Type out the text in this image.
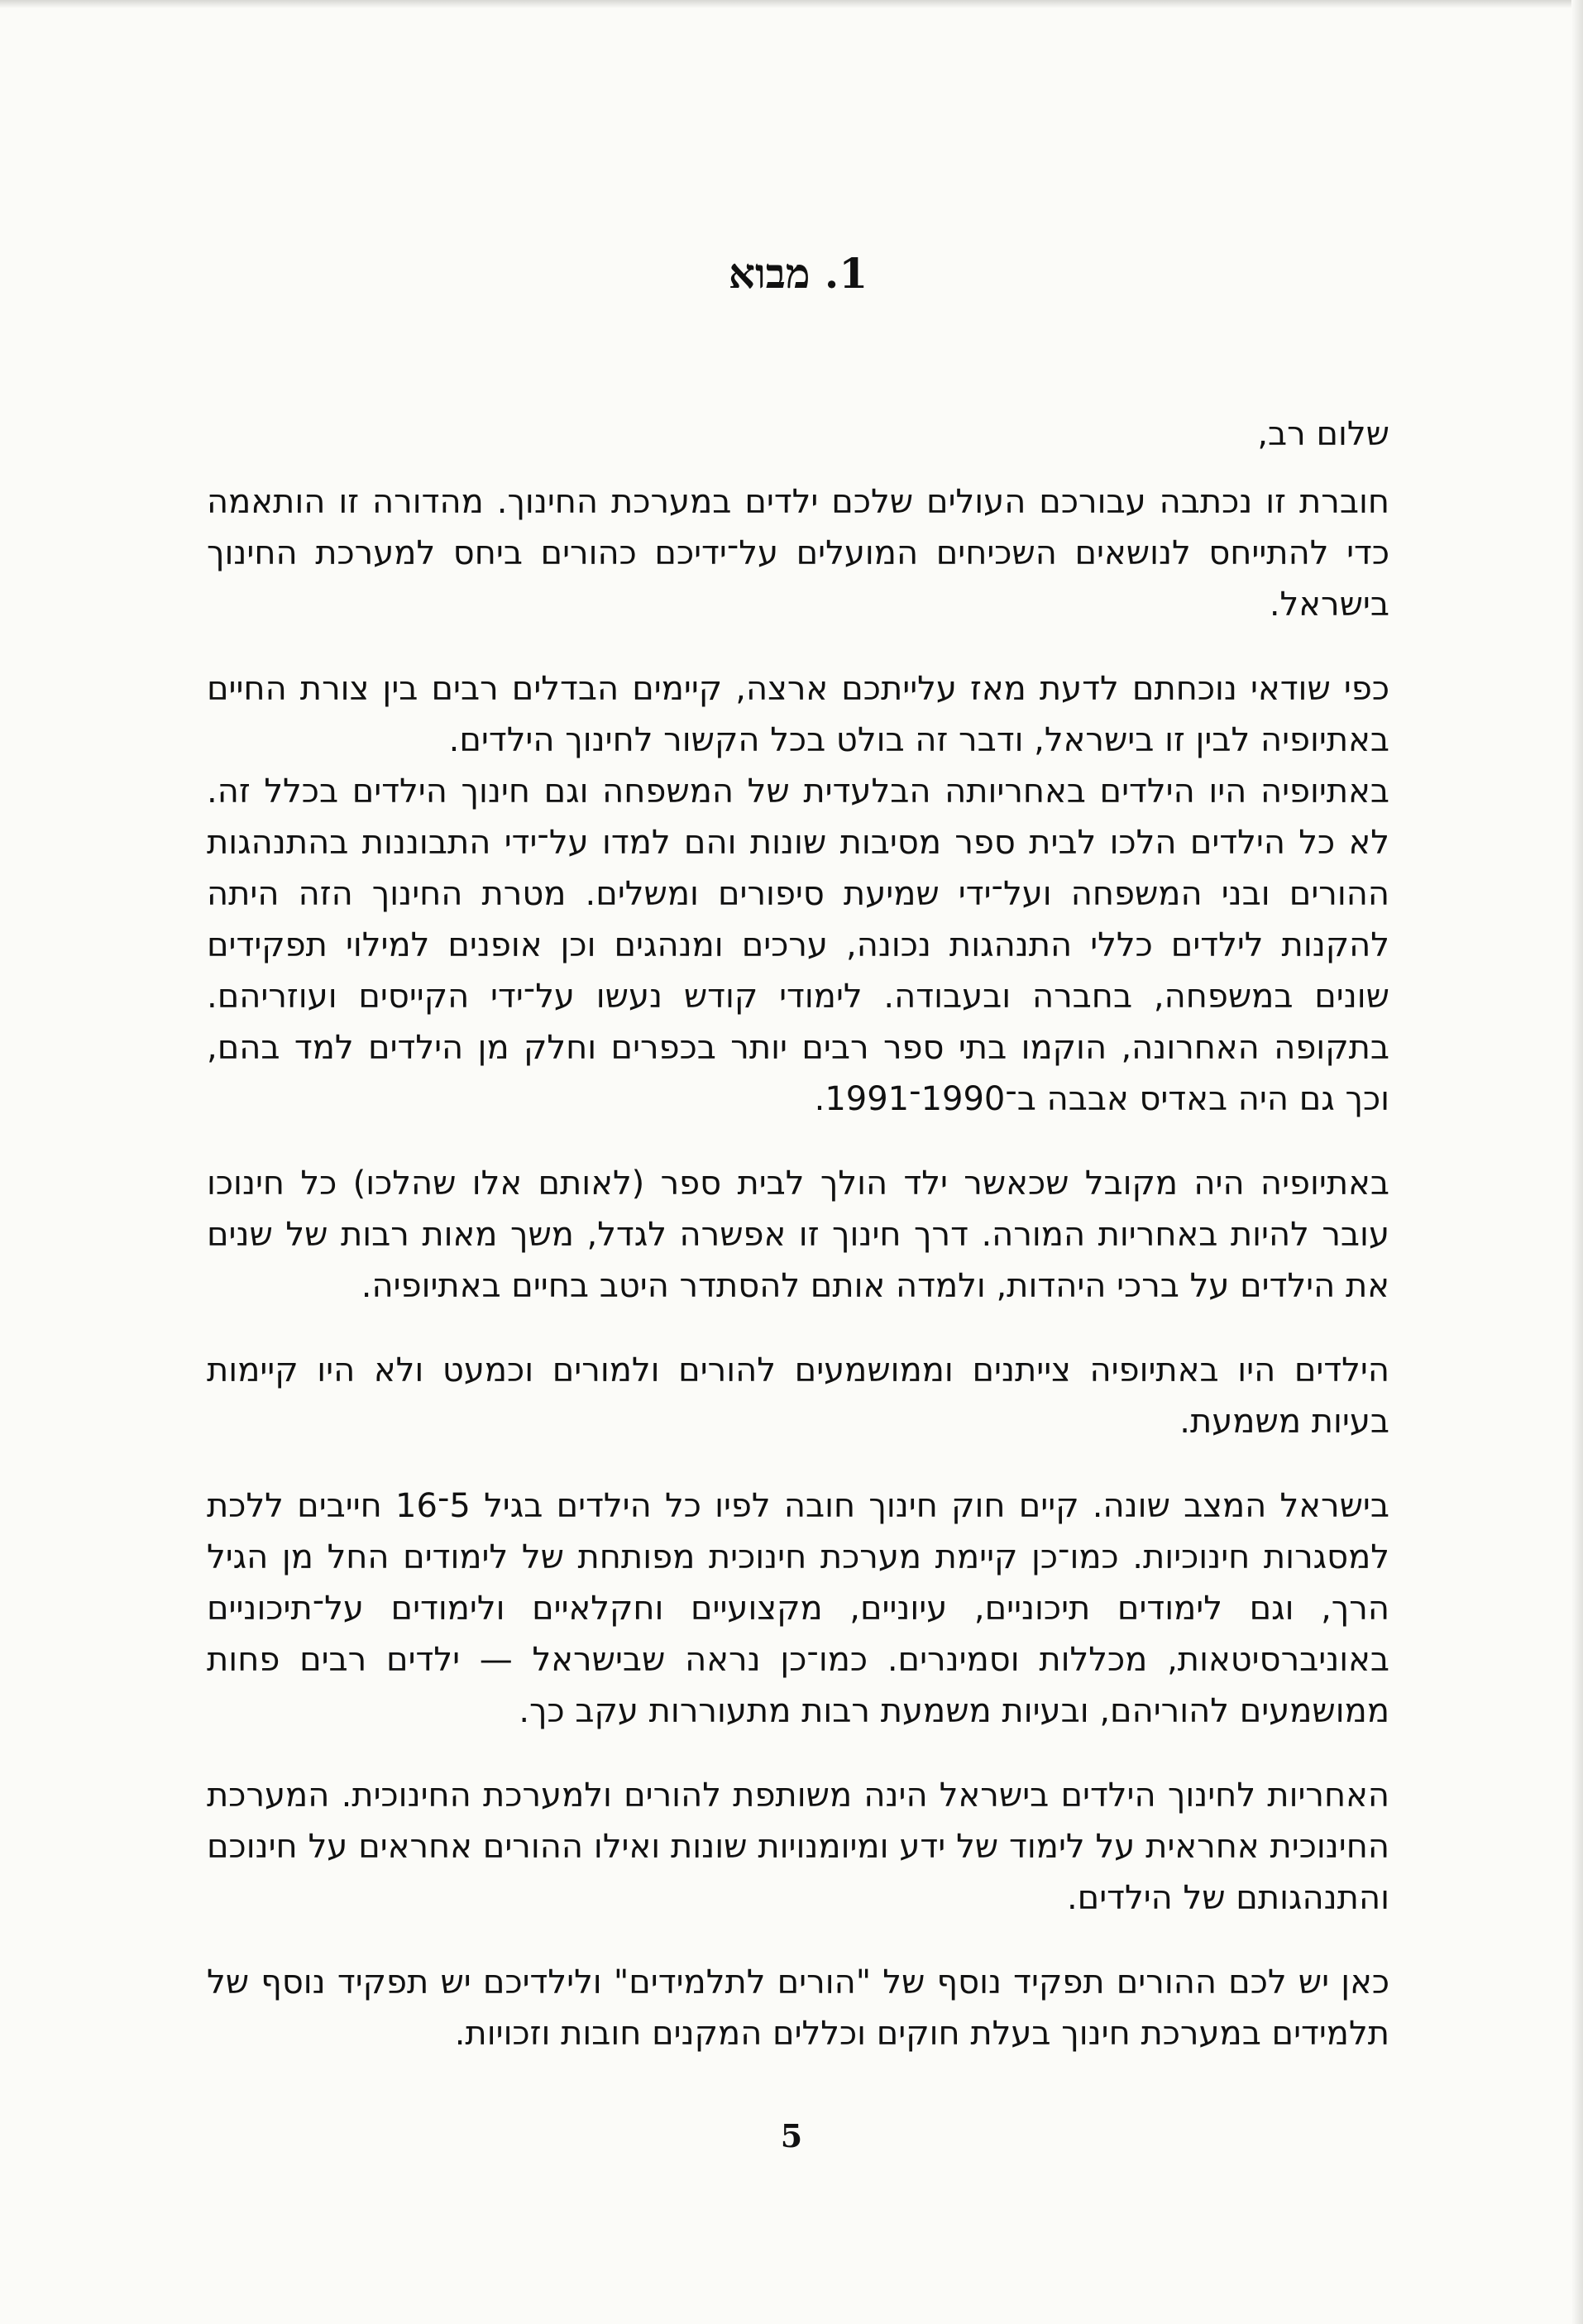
1. מבוא

שלום רב,

חוברת זו נכתבה עבורכם העולים שלכם ילדים במערכת החינוך. מהדורה זו הותאמה כדי להתייחס לנושאים השכיחים המועלים על־ידיכם כהורים ביחס למערכת החינוך בישראל.

כפי שודאי נוכחתם לדעת מאז עלייתכם ארצה, קיימים הבדלים רבים בין צורת החיים באתיופיה לבין זו בישראל, ודבר זה בולט בכל הקשור לחינוך הילדים.

באתיופיה היו הילדים באחריותה הבלעדית של המשפחה וגם חינוך הילדים בכלל זה. לא כל הילדים הלכו לבית ספר מסיבות שונות והם למדו על־ידי התבוננות בהתנהגות ההורים ובני המשפחה ועל־ידי שמיעת סיפורים ומשלים. מטרת החינוך הזה היתה להקנות לילדים כללי התנהגות נכונה, ערכים ומנהגים וכן אופנים למילוי תפקידים שונים במשפחה, בחברה ובעבודה. לימודי קודש נעשו על־ידי הקייסים ועוזריהם. בתקופה האחרונה, הוקמו בתי ספר רבים יותר בכפרים וחלק מן הילדים למד בהם, וכך גם היה באדיס אבבה ב־1990־1991.

באתיופיה היה מקובל שכאשר ילד הולך לבית ספר (לאותם אלו שהלכו) כל חינוכו עובר להיות באחריות המורה. דרך חינוך זו אפשרה לגדל, משך מאות רבות של שנים את הילדים על ברכי היהדות, ולמדה אותם להסתדר היטב בחיים באתיופיה.

הילדים היו באתיופיה צייתנים וממושמעים להורים ולמורים וכמעט ולא היו קיימות בעיות משמעת.

בישראל המצב שונה. קיים חוק חינוך חובה לפיו כל הילדים בגיל 5־16 חייבים ללכת למסגרות חינוכיות. כמו־כן קיימת מערכת חינוכית מפותחת של לימודים החל מן הגיל הרך, וגם לימודים תיכוניים, עיוניים, מקצועיים וחקלאיים ולימודים על־תיכוניים באוניברסיטאות, מכללות וסמינרים. כמו־כן נראה שבישראל — ילדים רבים פחות ממושמעים להוריהם, ובעיות משמעת רבות מתעוררות עקב כך.

האחריות לחינוך הילדים בישראל הינה משותפת להורים ולמערכת החינוכית. המערכת החינוכית אחראית על לימוד של ידע ומיומנויות שונות ואילו ההורים אחראים על חינוכם והתנהגותם של הילדים.

כאן יש לכם ההורים תפקיד נוסף של "הורים לתלמידים" ולילדיכם יש תפקיד נוסף של תלמידים במערכת חינוך בעלת חוקים וכללים המקנים חובות וזכויות.

5
